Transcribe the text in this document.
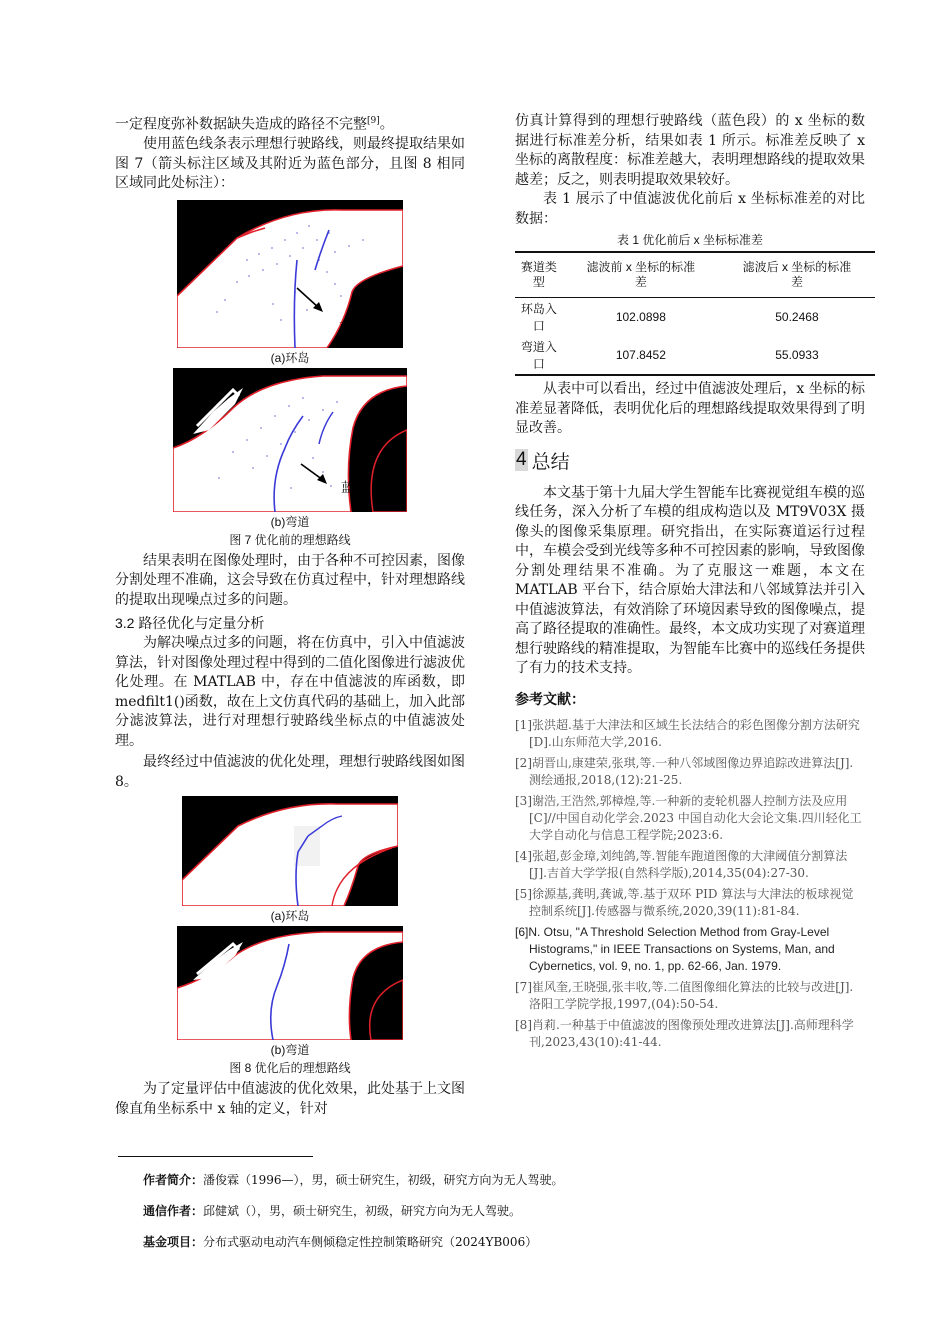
一定程度弥补数据缺失造成的路径不完整[9]。

使用蓝色线条表示理想行驶路线，则最终提取结果如图 7（箭头标注区域及其附近为蓝色部分，且图 8 相同区域同此处标注）：

蓝
(a)环岛
蓝
(b)弯道
图 7 优化前的理想路线

结果表明在图像处理时，由于各种不可控因素，图像分割处理不准确，这会导致在仿真过程中，针对理想路线的提取出现噪点过多的问题。

3.2 路径优化与定量分析

为解决噪点过多的问题，将在仿真中，引入中值滤波算法，针对图像处理过程中得到的二值化图像进行滤波优化处理。在 MATLAB 中，存在中值滤波的库函数，即 medfilt1()函数，故在上文仿真代码的基础上，加入此部分滤波算法，进行对理想行驶路线坐标点的中值滤波处理。

最终经过中值滤波的优化处理，理想行驶路线图如图 8。

(a)环岛
(b)弯道
图 8 优化后的理想路线

为了定量评估中值滤波的优化效果，此处基于上文图像直角坐标系中 x 轴的定义，针对

仿真计算得到的理想行驶路线（蓝色段）的 x 坐标的数据进行标准差分析，结果如表 1 所示。标准差反映了 x 坐标的离散程度：标准差越大，表明理想路线的提取效果越差；反之，则表明提取效果较好。

表 1 展示了中值滤波优化前后 x 坐标标准差的对比数据：

表 1 优化前后 x 坐标标准差
赛道类型	滤波前 x 坐标的标准差	滤波后 x 坐标的标准差
环岛入口	102.0898	50.2468
弯道入口	107.8452	55.0933

从表中可以看出，经过中值滤波处理后，x 坐标的标准差显著降低，表明优化后的理想路线提取效果得到了明显改善。

4 总结

本文基于第十九届大学生智能车比赛视觉组车模的巡线任务，深入分析了车模的组成构造以及 MT9V03X 摄像头的图像采集原理。研究指出，在实际赛道运行过程中，车模会受到光线等多种不可控因素的影响，导致图像分割处理结果不准确。为了克服这一难题，本文在 MATLAB 平台下，结合原始大津法和八邻域算法并引入中值滤波算法，有效消除了环境因素导致的图像噪点，提高了路径提取的准确性。最终，本文成功实现了对赛道理想行驶路线的精准提取，为智能车比赛中的巡线任务提供了有力的技术支持。

参考文献：

[1]张洪超.基于大津法和区域生长法结合的彩色图像分割方法研究[D].山东师范大学,2016.

[2]胡晋山,康建荣,张琪,等.一种八邻域图像边界追踪改进算法[J].测绘通报,2018,(12):21-25.

[3]谢浩,王浩然,郭樟煌,等.一种新的麦轮机器人控制方法及应用[C]//中国自动化学会.2023 中国自动化大会论文集.四川轻化工大学自动化与信息工程学院;2023:6.

[4]张超,彭金璋,刘纯鸽,等.智能车跑道图像的大津阈值分割算法[J].吉首大学学报(自然科学版),2014,35(04):27-30.

[5]徐源基,龚明,龚诚,等.基于双环 PID 算法与大津法的板球视觉控制系统[J].传感器与微系统,2020,39(11):81-84.

[6]N. Otsu, "A Threshold Selection Method from Gray-Level Histograms," in IEEE Transactions on Systems, Man, and Cybernetics, vol. 9, no. 1, pp. 62-66, Jan. 1979.

[7]崔风奎,王晓强,张丰收,等.二值图像细化算法的比较与改进[J].洛阳工学院学报,1997,(04):50-54.

[8]肖莉.一种基于中值滤波的图像预处理改进算法[J].高师理科学刊,2023,43(10):41-44.

作者简介：潘俊霖（1996—），男，硕士研究生，初级，研究方向为无人驾驶。

通信作者：邱健斌（），男，硕士研究生，初级，研究方向为无人驾驶。

基金项目：分布式驱动电动汽车侧倾稳定性控制策略研究（2024YB006）
